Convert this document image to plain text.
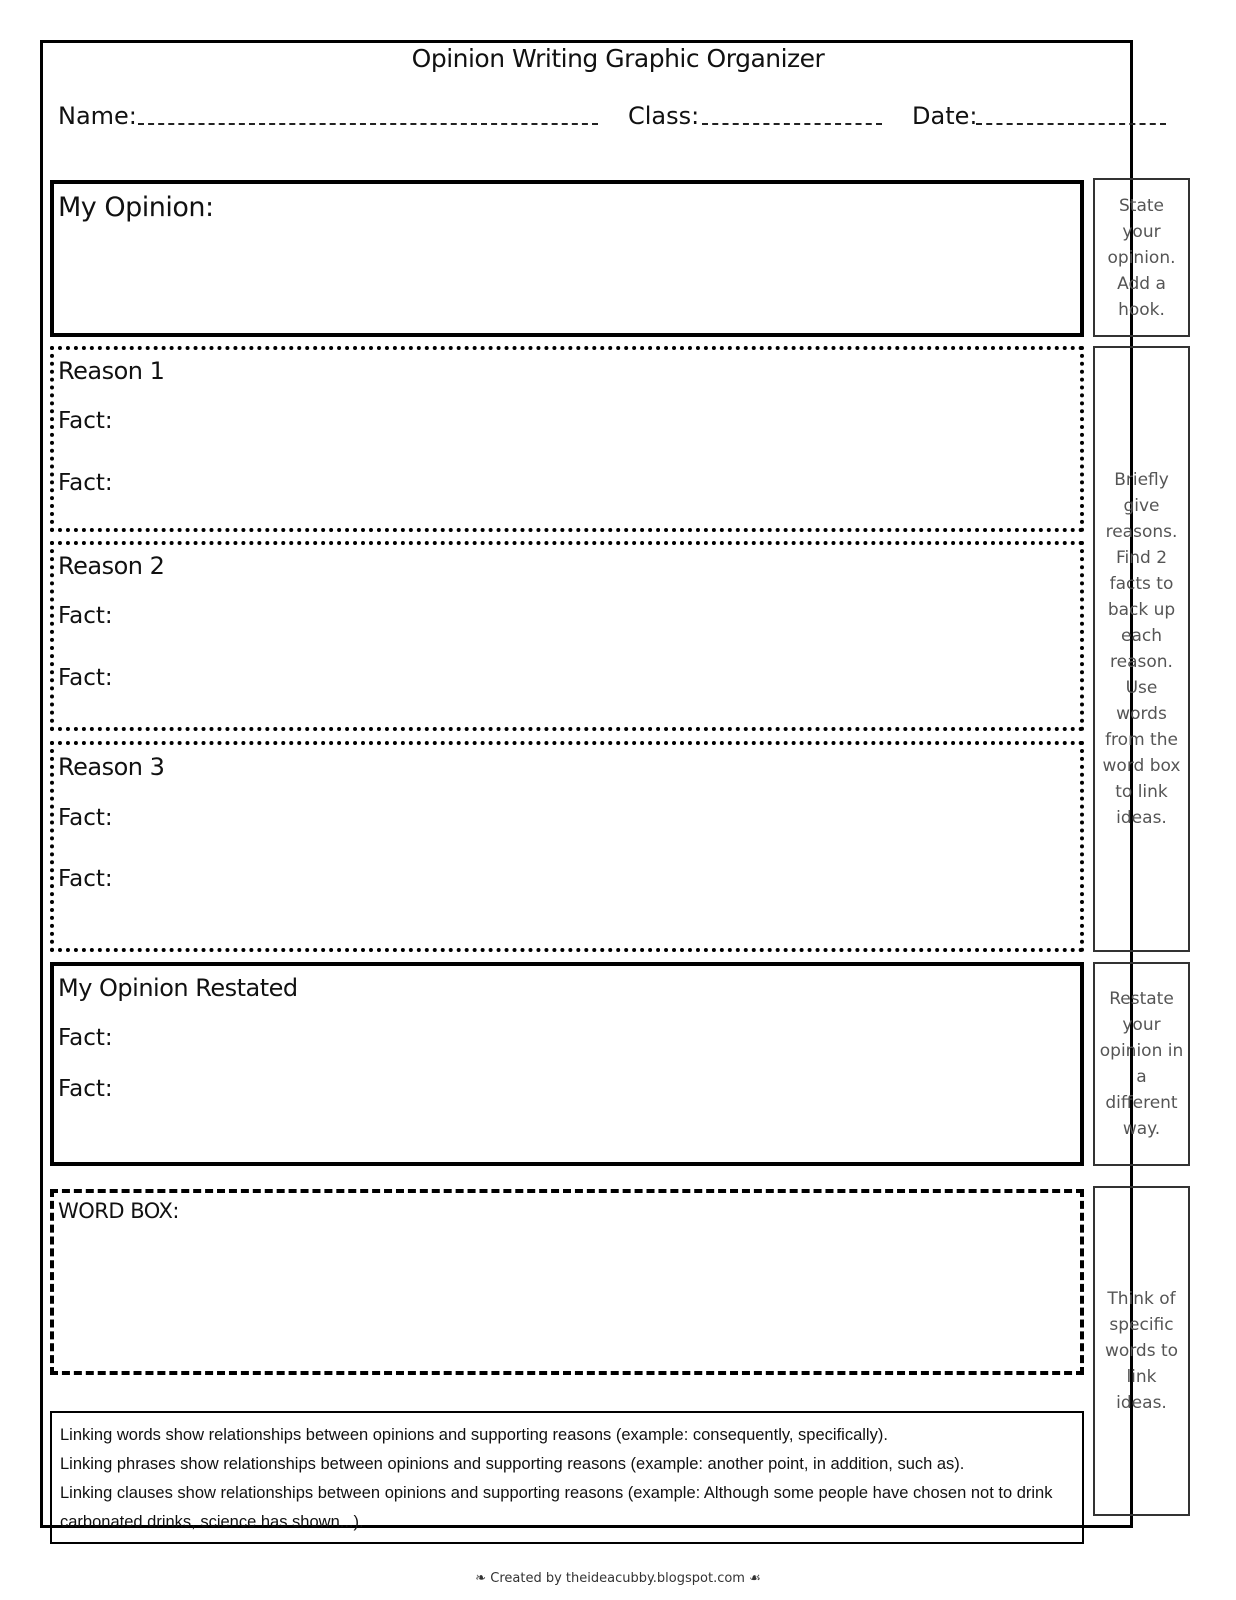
Opinion Writing Graphic Organizer
Name:	Class:	Date:
My Opinion:	State your opinion. Add a hook.
Reason 1
Fact:
Fact:
Reason 2
Fact:
Fact:
Reason 3
Fact:
Fact:
Briefly give reasons. Find 2 facts to back up each reason. Use words from the word box to link ideas.
My Opinion Restated
Fact:
Fact:
Restate your opinion in a different way.
WORD BOX:
Think of specific words to link ideas.

Linking words show relationships between opinions and supporting reasons (example: consequently, specifically).

Linking phrases show relationships between opinions and supporting reasons (example: another point, in addition, such as).

Linking clauses show relationships between opinions and supporting reasons (example: Although some people have chosen not to drink carbonated drinks, science has shown...).

❧ Created by theideacubby.blogspot.com ☙
